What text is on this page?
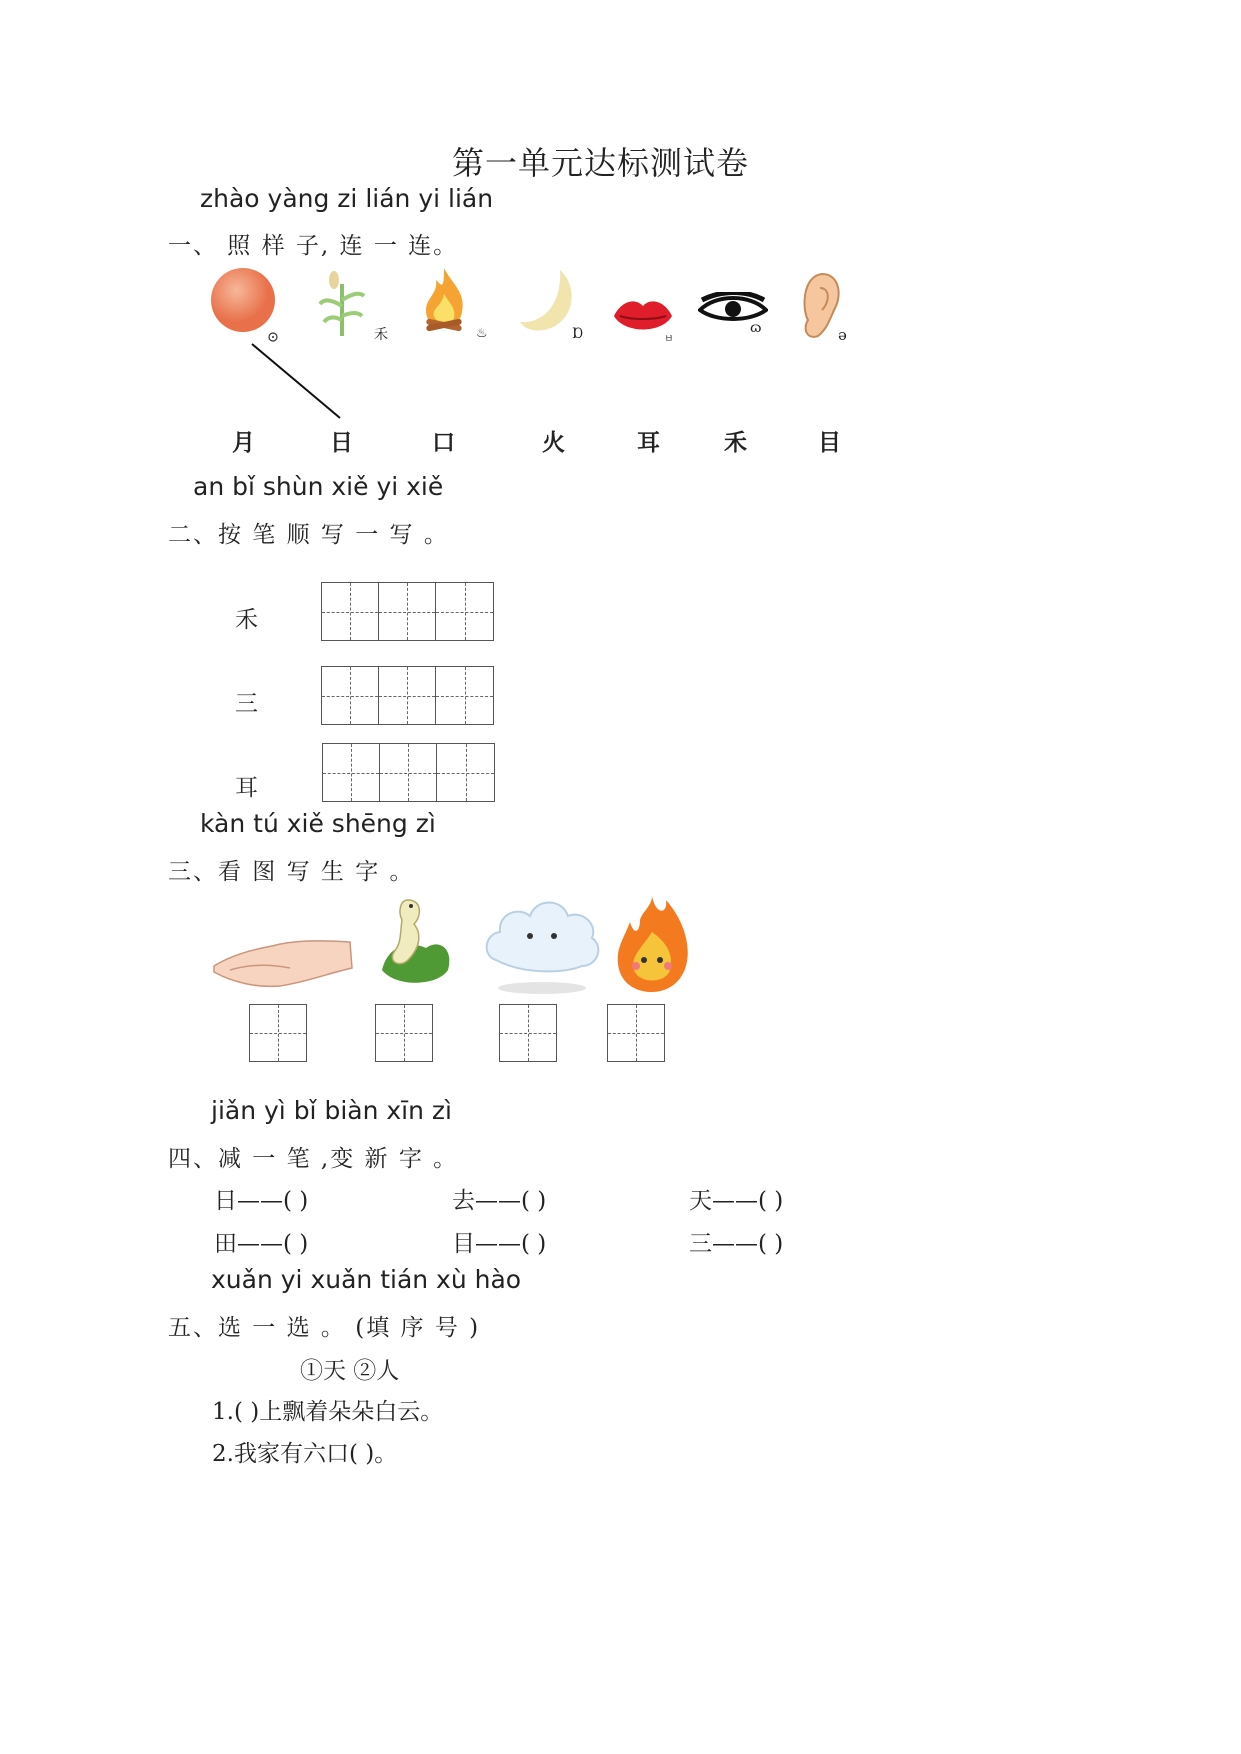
第一单元达标测试卷
zhào yàng zi lián yi lián
一、 照 样 子, 连 一 连。
禾	♨	Ɒ	ㅂ
ɷ	ə
月	日	口	火	耳	禾	目
an bǐ shùn xiě yi xiě
二、按 笔 顺 写 一 写 。
禾
三
耳
kàn tú xiě shēng zì
三、看 图 写 生 字 。
jiǎn yì bǐ biàn xīn zì
四、减 一 笔 ,变 新 字 。
日——( )	去——( )	天——( )
田——( )	目——( )	三——( )
xuǎn yi xuǎn tián xù hào
五、选 一 选 。 (填 序 号 )
①天 ②人
1.( )上飘着朵朵白云。
2.我家有六口( )。
